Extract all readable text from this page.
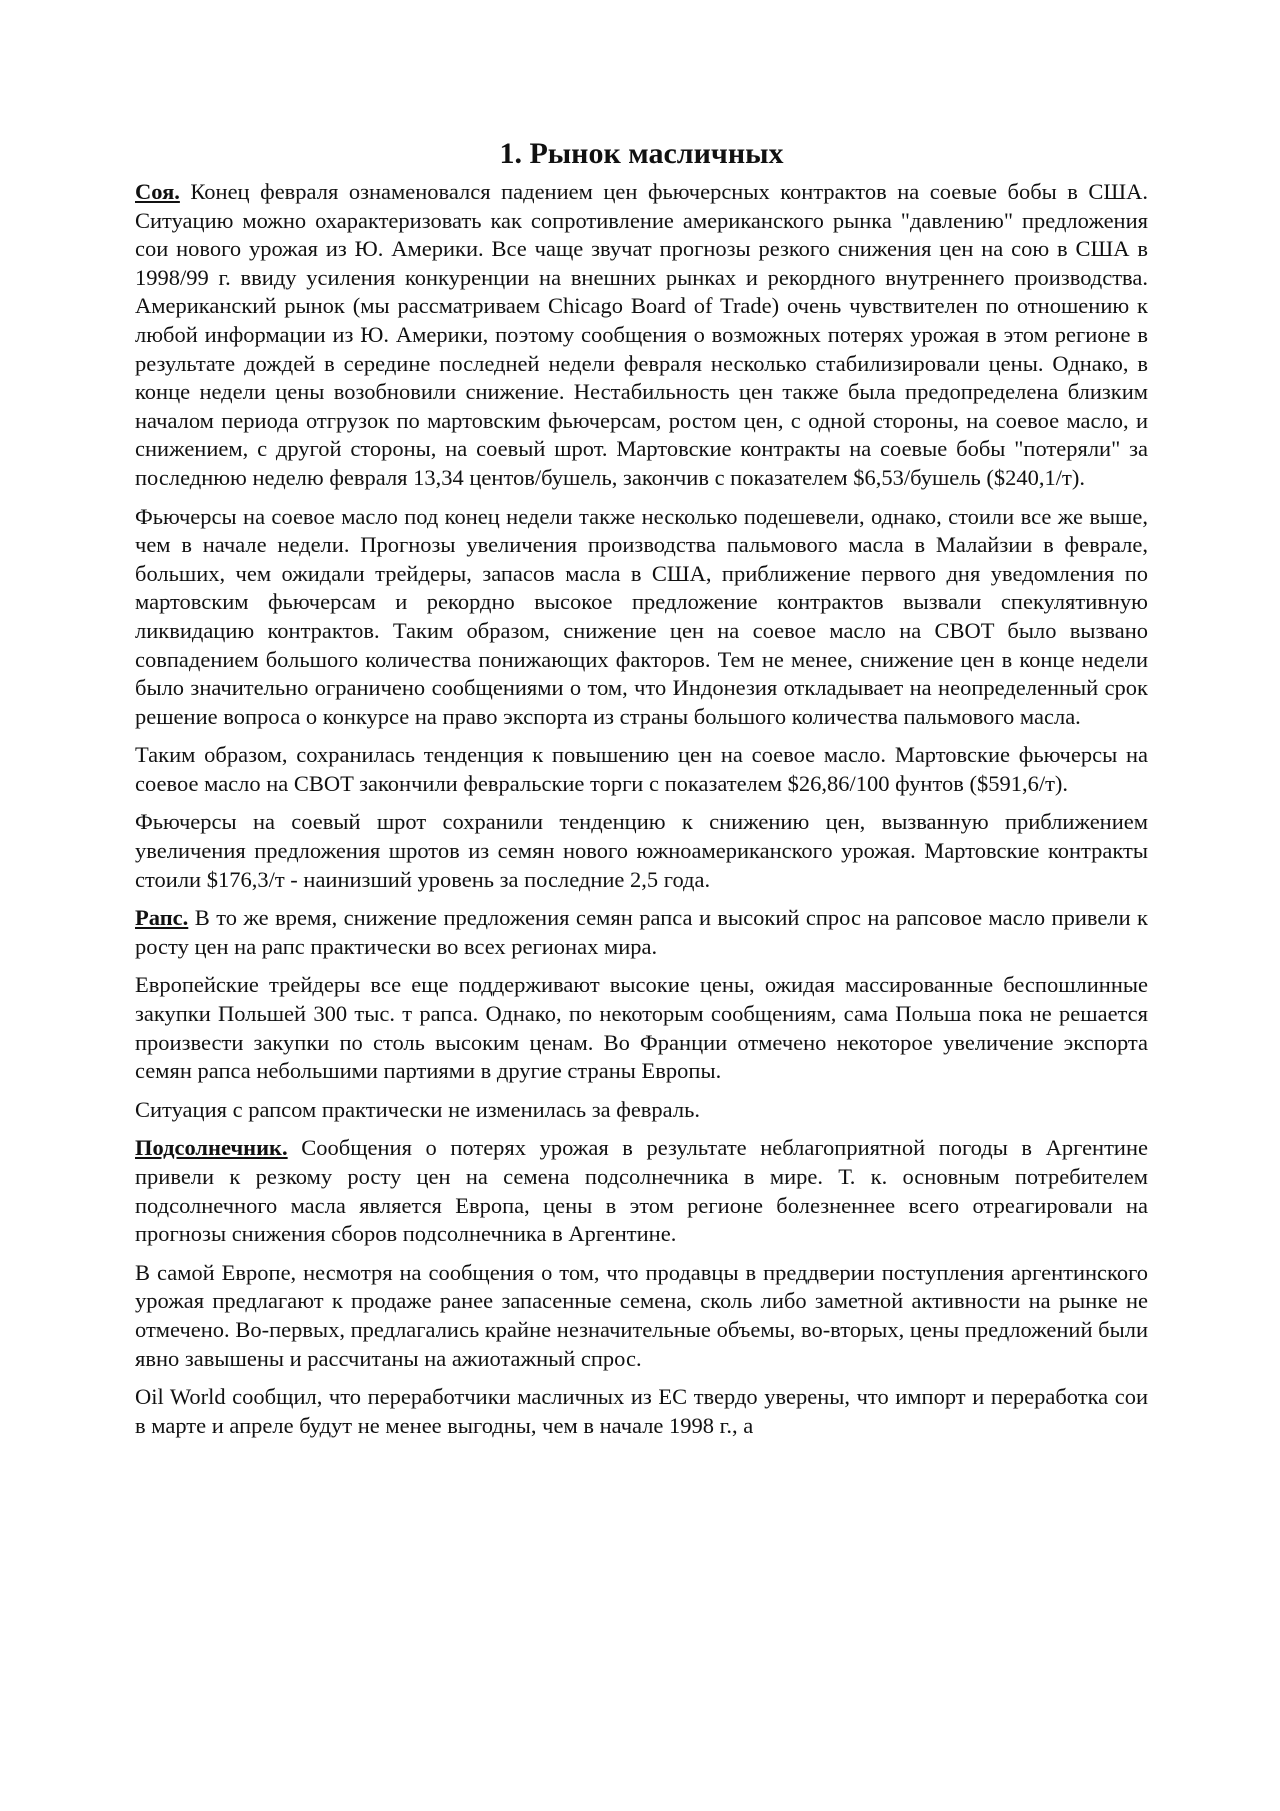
1. Рынок масличных

Соя. Конец февраля ознаменовался падением цен фьючерсных контрактов на соевые бобы в США. Ситуацию можно охарактеризовать как сопротивление американского рынка "давлению" предложения сои нового урожая из Ю. Америки. Все чаще звучат прогнозы резкого снижения цен на сою в США в 1998/99 г. ввиду усиления конкуренции на внешних рынках и рекордного внутреннего производства. Американский рынок (мы рассматриваем Chicago Board of Trade) очень чувствителен по отношению к любой информации из Ю. Америки, поэтому сообщения о возможных потерях урожая в этом регионе в результате дождей в середине последней недели февраля несколько стабилизировали цены. Однако, в конце недели цены возобновили снижение. Нестабильность цен также была предопределена близким началом периода отгрузок по мартовским фьючерсам, ростом цен, с одной стороны, на соевое масло, и снижением, с другой стороны, на соевый шрот. Мартовские контракты на соевые бобы "потеряли" за последнюю неделю февраля 13,34 центов/бушель, закончив с показателем $6,53/бушель ($240,1/т).

Фьючерсы на соевое масло под конец недели также несколько подешевели, однако, стоили все же выше, чем в начале недели. Прогнозы увеличения производства пальмового масла в Малайзии в феврале, больших, чем ожидали трейдеры, запасов масла в США, приближение первого дня уведомления по мартовским фьючерсам и рекордно высокое предложение контрактов вызвали спекулятивную ликвидацию контрактов. Таким образом, снижение цен на соевое масло на CBOT было вызвано совпадением большого количества понижающих факторов. Тем не менее, снижение цен в конце недели было значительно ограничено сообщениями о том, что Индонезия откладывает на неопределенный срок решение вопроса о конкурсе на право экспорта из страны большого количества пальмового масла.

Таким образом, сохранилась тенденция к повышению цен на соевое масло. Мартовские фьючерсы на соевое масло на CBOT закончили февральские торги с показателем $26,86/100 фунтов ($591,6/т).

Фьючерсы на соевый шрот сохранили тенденцию к снижению цен, вызванную приближением увеличения предложения шротов из семян нового южноамериканского урожая. Мартовские контракты стоили $176,3/т - наинизший уровень за последние 2,5 года.

Рапс. В то же время, снижение предложения семян рапса и высокий спрос на рапсовое масло привели к росту цен на рапс практически во всех регионах мира.

Европейские трейдеры все еще поддерживают высокие цены, ожидая массированные беспошлинные закупки Польшей 300 тыс. т рапса. Однако, по некоторым сообщениям, сама Польша пока не решается произвести закупки по столь высоким ценам. Во Франции отмечено некоторое увеличение экспорта семян рапса небольшими партиями в другие страны Европы.

Ситуация с рапсом практически не изменилась за февраль.

Подсолнечник. Сообщения о потерях урожая в результате неблагоприятной погоды в Аргентине привели к резкому росту цен на семена подсолнечника в мире. Т. к. основным потребителем подсолнечного масла является Европа, цены в этом регионе болезненнее всего отреагировали на прогнозы снижения сборов подсолнечника в Аргентине.

В самой Европе, несмотря на сообщения о том, что продавцы в преддверии поступления аргентинского урожая предлагают к продаже ранее запасенные семена, сколь либо заметной активности на рынке не отмечено. Во-первых, предлагались крайне незначительные объемы, во-вторых, цены предложений были явно завышены и рассчитаны на ажиотажный спрос.

Oil World сообщил, что переработчики масличных из ЕС твердо уверены, что импорт и переработка сои в марте и апреле будут не менее выгодны, чем в начале 1998 г., а
